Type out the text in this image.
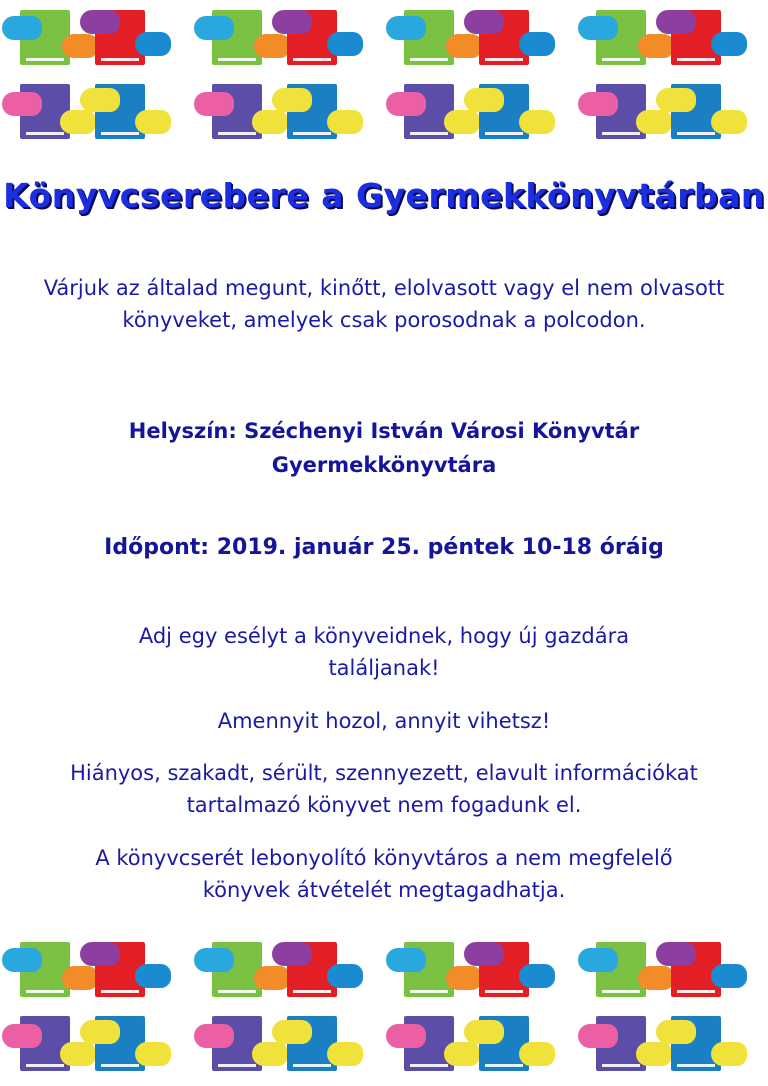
Könyvcserebere a Gyermekkönyvtárban
Várjuk az általad megunt, kinőtt, elolvasott vagy el nem olvasott könyveket, amelyek csak porosodnak a polcodon.
Helyszín: Széchenyi István Városi Könyvtár
Gyermekkönyvtára
Időpont: 2019. január 25. péntek 10-18 óráig
Adj egy esélyt a könyveidnek, hogy új gazdára találjanak!
Amennyit hozol, annyit vihetsz!
Hiányos, szakadt, sérült, szennyezett, elavult információkat tartalmazó könyvet nem fogadunk el.
A könyvcserét lebonyolító könyvtáros a nem megfelelő könyvek átvételét megtagadhatja.
